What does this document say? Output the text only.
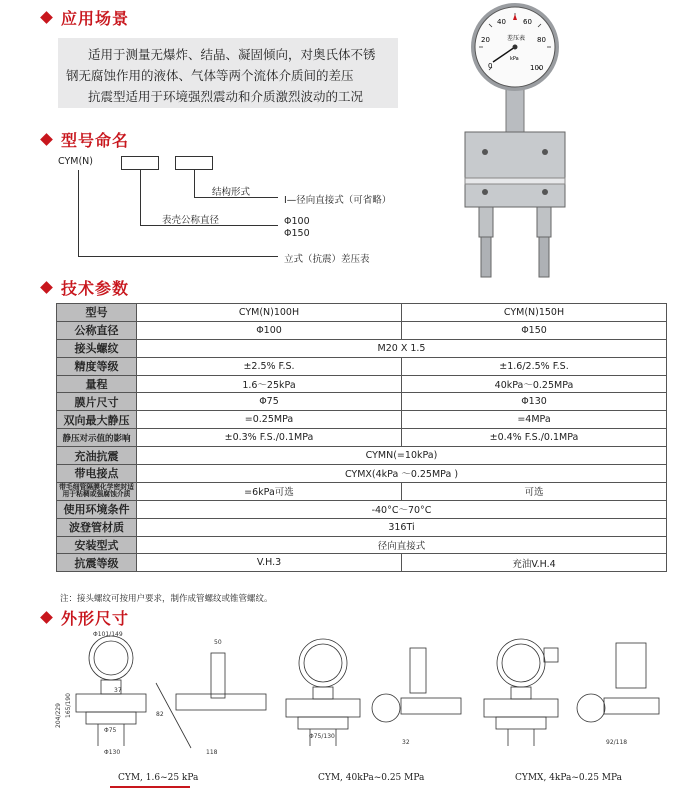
应用场景

适用于测量无爆炸、结晶、凝固倾向，对奥氏体不锈

钢无腐蚀作用的液体、气体等两个流体介质间的差压

抗震型适用于环境强烈震动和介质激烈波动的工况

0
20
40 60
80
100
差压表
kPa
型号命名
CYM(N)
结构形式
I—径向直接式（可省略）
表壳公称直径	Φ100
Φ150
立式（抗震）差压表
技术参数
型号	CYM(N)100H	CYM(N)150H
公称直径	Φ100	Φ150
接头螺纹	M20 X 1.5	
精度等级	±2.5% F.S.	±1.6/2.5% F.S.
量程	1.6～25kPa	40kPa～0.25MPa
膜片尺寸	Φ75	Φ130
双向最大静压	=0.25MPa	=4MPa
静压对示值的影响	±0.3% F.S./0.1MPa	±0.4% F.S./0.1MPa
充油抗震	CYMN(=10kPa)	
带电接点	CYMX(4kPa ～0.25MPa )	
带毛细管隔膜化学密封适用于粘稠或强腐蚀介质	=6kPa可选	可选
使用环境条件	-40°C～70°C	
波登管材质	316Ti	
安装型式	径向直接式	
抗震等级	V.H.3	充油V.H.4
注：接头螺纹可按用户要求，制作成管螺纹或锥管螺纹。
外形尺寸
Φ101/149
50
37
204/229 165/190	82
Φ75
Φ130	118
32	92/118
Φ75/130
CYM, 1.6~25 kPa	CYM, 40kPa~0.25 MPa	CYMX, 4kPa~0.25 MPa
